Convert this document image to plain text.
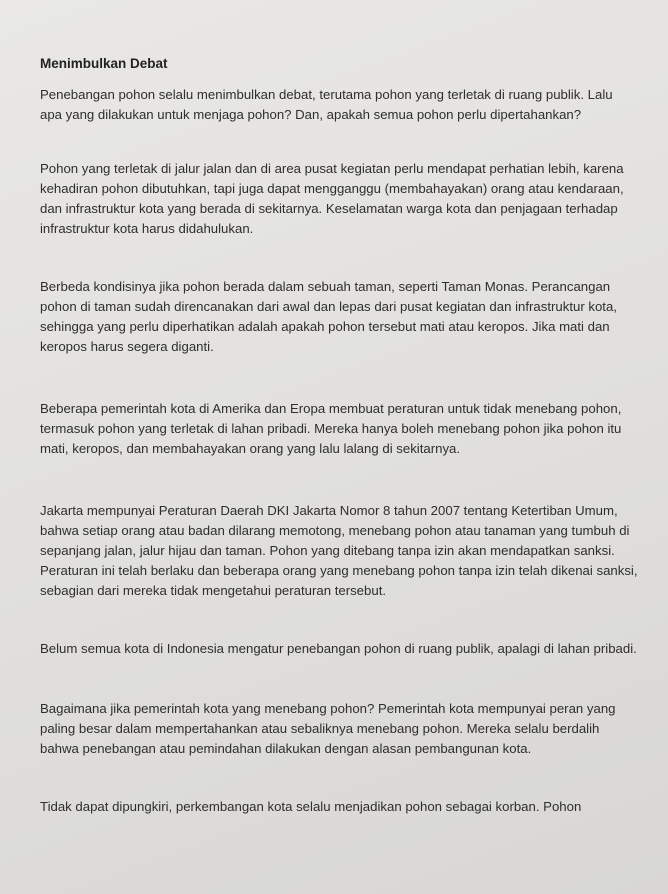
Menimbulkan Debat

Penebangan pohon selalu menimbulkan debat, terutama pohon yang terletak di ruang publik. Lalu apa yang dilakukan untuk menjaga pohon? Dan, apakah semua pohon perlu dipertahankan?

Pohon yang terletak di jalur jalan dan di area pusat kegiatan perlu mendapat perhatian lebih, karena kehadiran pohon dibutuhkan, tapi juga dapat mengganggu (membahayakan) orang atau kendaraan, dan infrastruktur kota yang berada di sekitarnya. Keselamatan warga kota dan penjagaan terhadap infrastruktur kota harus didahulukan.

Berbeda kondisinya jika pohon berada dalam sebuah taman, seperti Taman Monas. Perancangan pohon di taman sudah direncanakan dari awal dan lepas dari pusat kegiatan dan infrastruktur kota, sehingga yang perlu diperhatikan adalah apakah pohon tersebut mati atau keropos. Jika mati dan keropos harus segera diganti.

Beberapa pemerintah kota di Amerika dan Eropa membuat peraturan untuk tidak menebang pohon, termasuk pohon yang terletak di lahan pribadi. Mereka hanya boleh menebang pohon jika pohon itu mati, keropos, dan membahayakan orang yang lalu lalang di sekitarnya.

Jakarta mempunyai Peraturan Daerah DKI Jakarta Nomor 8 tahun 2007 tentang Ketertiban Umum, bahwa setiap orang atau badan dilarang memotong, menebang pohon atau tanaman yang tumbuh di sepanjang jalan, jalur hijau dan taman. Pohon yang ditebang tanpa izin akan mendapatkan sanksi. Peraturan ini telah berlaku dan beberapa orang yang menebang pohon tanpa izin telah dikenai sanksi, sebagian dari mereka tidak mengetahui peraturan tersebut.

Belum semua kota di Indonesia mengatur penebangan pohon di ruang publik, apalagi di lahan pribadi.

Bagaimana jika pemerintah kota yang menebang pohon? Pemerintah kota mempunyai peran yang paling besar dalam mempertahankan atau sebaliknya menebang pohon. Mereka selalu berdalih bahwa penebangan atau pemindahan dilakukan dengan alasan pembangunan kota.

Tidak dapat dipungkiri, perkembangan kota selalu menjadikan pohon sebagai korban. Pohon
